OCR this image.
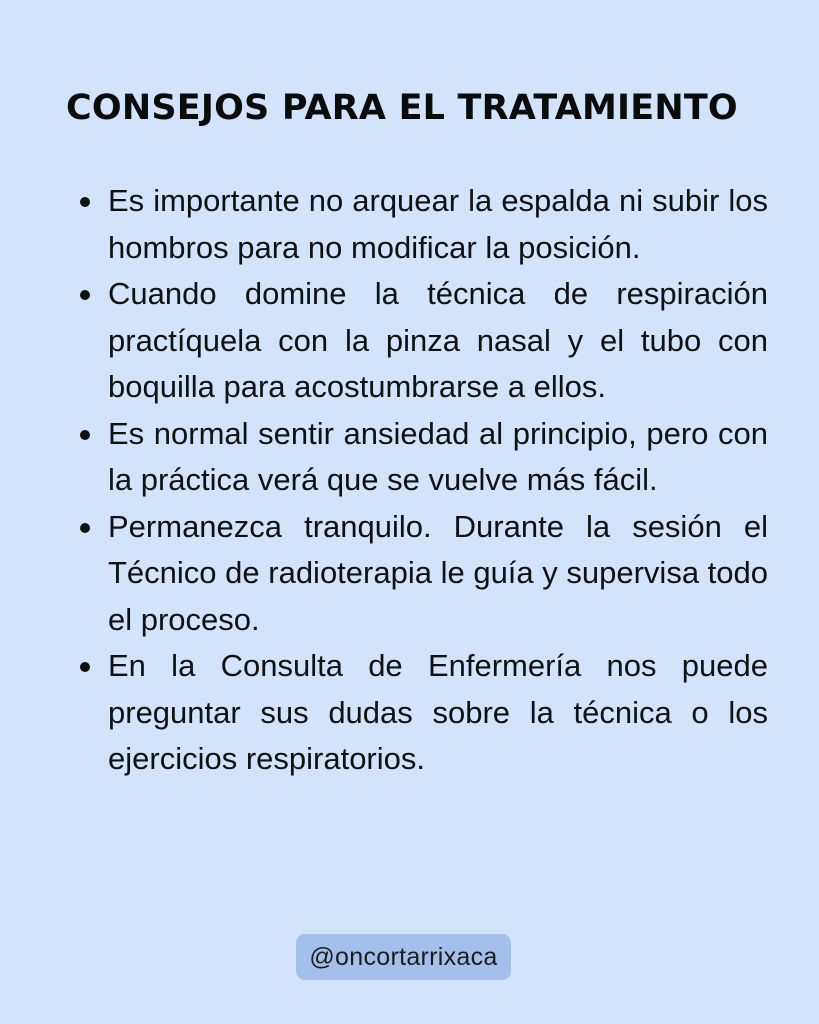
CONSEJOS PARA EL TRATAMIENTO
Es importante no arquear la espalda ni subir los hombros para no modificar la posición.
Cuando domine la técnica de respiración practíquela con la pinza nasal y el tubo con boquilla para acostumbrarse a ellos.
Es normal sentir ansiedad al principio, pero con la práctica verá que se vuelve más fácil.
Permanezca tranquilo. Durante la sesión el Técnico de radioterapia le guía y supervisa todo el proceso.
En la Consulta de Enfermería nos puede preguntar sus dudas sobre la técnica o los ejercicios respiratorios.
@oncortarrixaca
